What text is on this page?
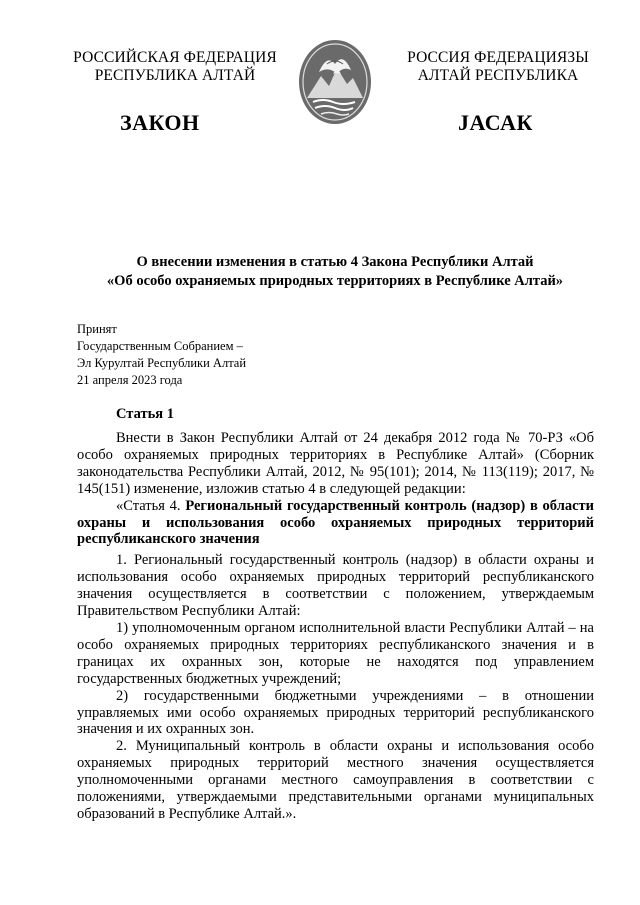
РОССИЙСКАЯ ФЕДЕРАЦИЯ
РЕСПУБЛИКА АЛТАЙ
ЗАКОН
РОССИЯ ФЕДЕРАЦИЯЗЫ
АЛТАЙ РЕСПУБЛИКА
JАСАК
О внесении изменения в статью 4 Закона Республики Алтай
«Об особо охраняемых природных территориях в Республике Алтай»
Принят
Государственным Собранием –
Эл Курултай Республики Алтай
21 апреля 2023 года
Статья 1

Внести в Закон Республики Алтай от 24 декабря 2012 года № 70-РЗ «Об особо охраняемых природных территориях в Республике Алтай» (Сборник законодательства Республики Алтай, 2012, № 95(101); 2014, № 113(119); 2017, № 145(151) изменение, изложив статью 4 в следующей редакции:

«Статья 4. Региональный государственный контроль (надзор) в области охраны и использования особо охраняемых природных территорий республиканского значения

1. Региональный государственный контроль (надзор) в области охраны и использования особо охраняемых природных территорий республиканского значения осуществляется в соответствии с положением, утверждаемым Правительством Республики Алтай:

1) уполномоченным органом исполнительной власти Республики Алтай – на особо охраняемых природных территориях республиканского значения и в границах их охранных зон, которые не находятся под управлением государственных бюджетных учреждений;

2) государственными бюджетными учреждениями – в отношении управляемых ими особо охраняемых природных территорий республиканского значения и их охранных зон.

2. Муниципальный контроль в области охраны и использования особо охраняемых природных территорий местного значения осуществляется уполномоченными органами местного самоуправления в соответствии с положениями, утверждаемыми представительными органами муниципальных образований в Республике Алтай.».
